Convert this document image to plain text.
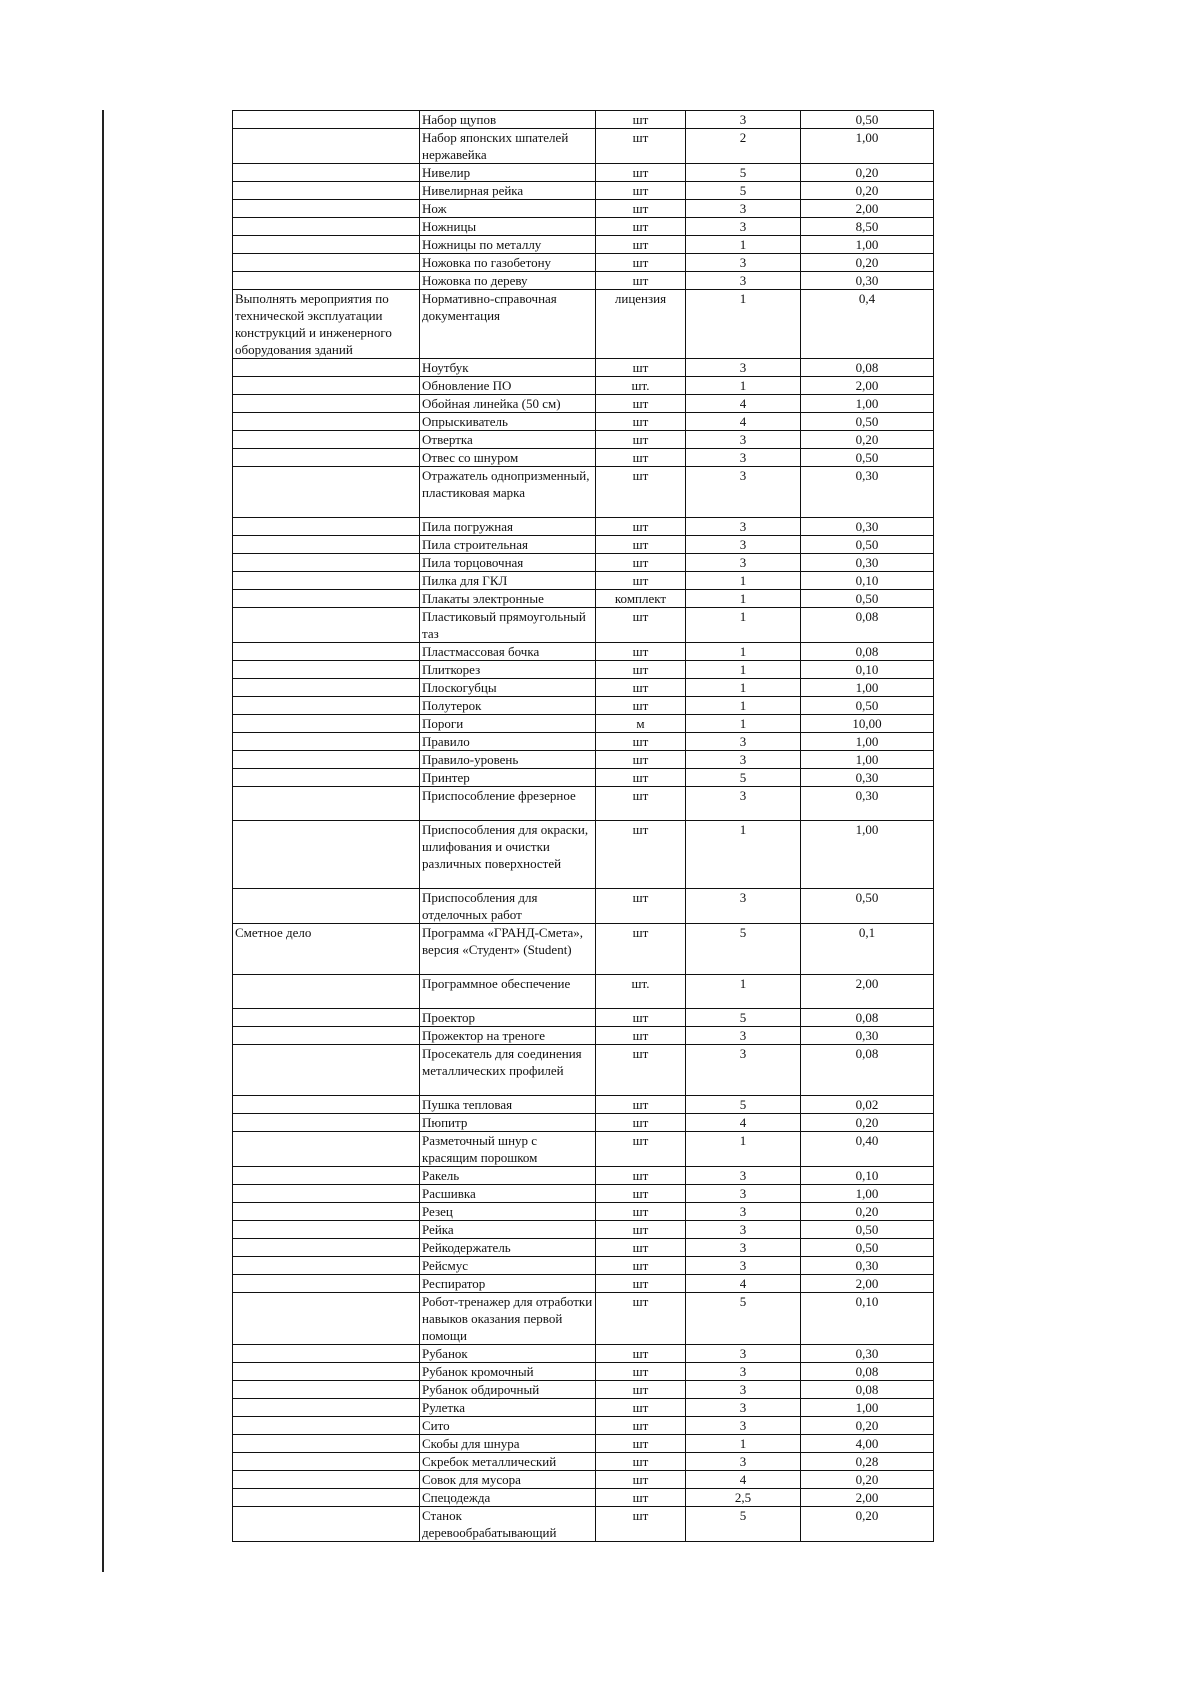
	Набор щупов	шт	3	0,50
	Набор японских шпателей нержавейка	шт	2	1,00
	Нивелир	шт	5	0,20
	Нивелирная рейка	шт	5	0,20
	Нож	шт	3	2,00
	Ножницы	шт	3	8,50
	Ножницы по металлу	шт	1	1,00
	Ножовка по газобетону	шт	3	0,20
	Ножовка по дереву	шт	3	0,30
Выполнять мероприятия по технической эксплуатации конструкций и инженерного оборудования зданий	Нормативно-справочная документация	лицензия	1	0,4
	Ноутбук	шт	3	0,08
	Обновление ПО	шт.	1	2,00
	Обойная линейка (50 см)	шт	4	1,00
	Опрыскиватель	шт	4	0,50
	Отвертка	шт	3	0,20
	Отвес со шнуром	шт	3	0,50
	Отражатель однопризменный, пластиковая марка	шт	3	0,30
	Пила погружная	шт	3	0,30
	Пила строительная	шт	3	0,50
	Пила торцовочная	шт	3	0,30
	Пилка для ГКЛ	шт	1	0,10
	Плакаты электронные	комплект	1	0,50
	Пластиковый прямоугольный таз	шт	1	0,08
	Пластмассовая бочка	шт	1	0,08
	Плиткорез	шт	1	0,10
	Плоскогубцы	шт	1	1,00
	Полутерок	шт	1	0,50
	Пороги	м	1	10,00
	Правило	шт	3	1,00
	Правило-уровень	шт	3	1,00
	Принтер	шт	5	0,30
	Приспособление фрезерное	шт	3	0,30
	Приспособления для окраски, шлифования и очистки различных поверхностей	шт	1	1,00
	Приспособления для отделочных работ	шт	3	0,50
Сметное дело	Программа «ГРАНД-Смета», версия «Студент» (Student)	шт	5	0,1
	Программное обеспечение	шт.	1	2,00
	Проектор	шт	5	0,08
	Прожектор на треноге	шт	3	0,30
	Просекатель для соединения металлических профилей	шт	3	0,08
	Пушка тепловая	шт	5	0,02
	Пюпитр	шт	4	0,20
	Разметочный шнур с красящим порошком	шт	1	0,40
	Ракель	шт	3	0,10
	Расшивка	шт	3	1,00
	Резец	шт	3	0,20
	Рейка	шт	3	0,50
	Рейкодержатель	шт	3	0,50
	Рейсмус	шт	3	0,30
	Респиратор	шт	4	2,00
	Робот-тренажер для отработки навыков оказания первой помощи	шт	5	0,10
	Рубанок	шт	3	0,30
	Рубанок кромочный	шт	3	0,08
	Рубанок обдирочный	шт	3	0,08
	Рулетка	шт	3	1,00
	Сито	шт	3	0,20
	Скобы для шнура	шт	1	4,00
	Скребок металлический	шт	3	0,28
	Совок для мусора	шт	4	0,20
	Спецодежда	шт	2,5	2,00
	Станок деревообрабатывающий	шт	5	0,20
